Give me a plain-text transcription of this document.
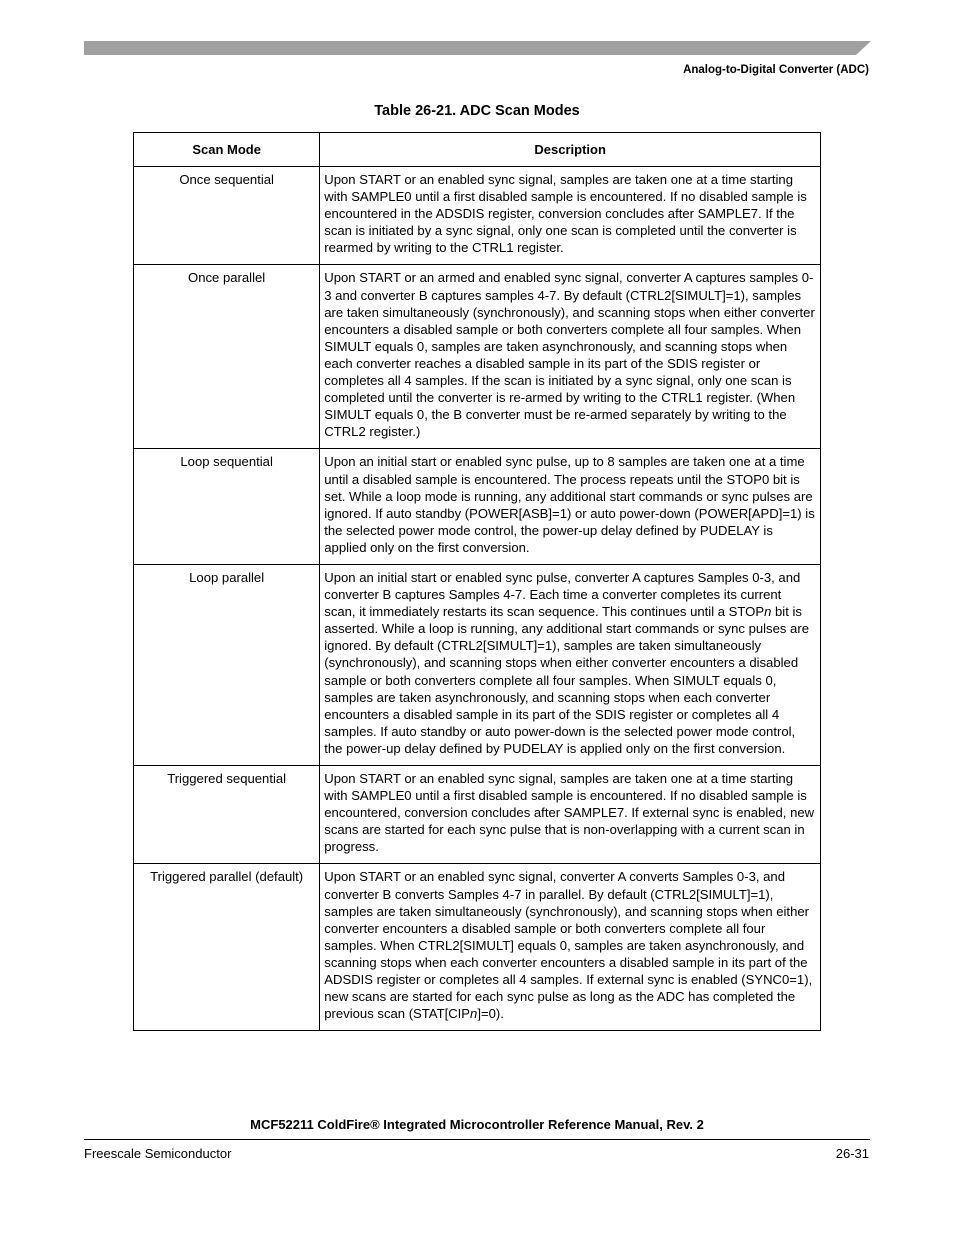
Analog-to-Digital Converter (ADC)
Table 26-21. ADC Scan Modes
Scan Mode	Description
Once sequential	Upon START or an enabled sync signal, samples are taken one at a time starting with SAMPLE0 until a first disabled sample is encountered. If no disabled sample is encountered in the ADSDIS register, conversion concludes after SAMPLE7. If the scan is initiated by a sync signal, only one scan is completed until the converter is rearmed by writing to the CTRL1 register.
Once parallel	Upon START or an armed and enabled sync signal, converter A captures samples 0-3 and converter B captures samples 4-7. By default (CTRL2[SIMULT]=1), samples are taken simultaneously (synchronously), and scanning stops when either converter encounters a disabled sample or both converters complete all four samples. When SIMULT equals 0, samples are taken asynchronously, and scanning stops when each converter reaches a disabled sample in its part of the SDIS register or completes all 4 samples. If the scan is initiated by a sync signal, only one scan is completed until the converter is re-armed by writing to the CTRL1 register. (When SIMULT equals 0, the B converter must be re-armed separately by writing to the CTRL2 register.)
Loop sequential	Upon an initial start or enabled sync pulse, up to 8 samples are taken one at a time until a disabled sample is encountered. The process repeats until the STOP0 bit is set. While a loop mode is running, any additional start commands or sync pulses are ignored. If auto standby (POWER[ASB]=1) or auto power-down (POWER[APD]=1) is the selected power mode control, the power-up delay defined by PUDELAY is applied only on the first conversion.
Loop parallel	Upon an initial start or enabled sync pulse, converter A captures Samples 0-3, and converter B captures Samples 4-7. Each time a converter completes its current scan, it immediately restarts its scan sequence. This continues until a STOPn bit is asserted. While a loop is running, any additional start commands or sync pulses are ignored. By default (CTRL2[SIMULT]=1), samples are taken simultaneously (synchronously), and scanning stops when either converter encounters a disabled sample or both converters complete all four samples. When SIMULT equals 0, samples are taken asynchronously, and scanning stops when each converter encounters a disabled sample in its part of the SDIS register or completes all 4 samples. If auto standby or auto power-down is the selected power mode control, the power-up delay defined by PUDELAY is applied only on the first conversion.
Triggered sequential	Upon START or an enabled sync signal, samples are taken one at a time starting with SAMPLE0 until a first disabled sample is encountered. If no disabled sample is encountered, conversion concludes after SAMPLE7. If external sync is enabled, new scans are started for each sync pulse that is non-overlapping with a current scan in progress.
Triggered parallel (default)	Upon START or an enabled sync signal, converter A converts Samples 0-3, and converter B converts Samples 4-7 in parallel. By default (CTRL2[SIMULT]=1), samples are taken simultaneously (synchronously), and scanning stops when either converter encounters a disabled sample or both converters complete all four samples. When CTRL2[SIMULT] equals 0, samples are taken asynchronously, and scanning stops when each converter encounters a disabled sample in its part of the ADSDIS register or completes all 4 samples. If external sync is enabled (SYNC0=1), new scans are started for each sync pulse as long as the ADC has completed the previous scan (STAT[CIPn]=0).
MCF52211 ColdFire® Integrated Microcontroller Reference Manual, Rev. 2
Freescale Semiconductor	26-31
